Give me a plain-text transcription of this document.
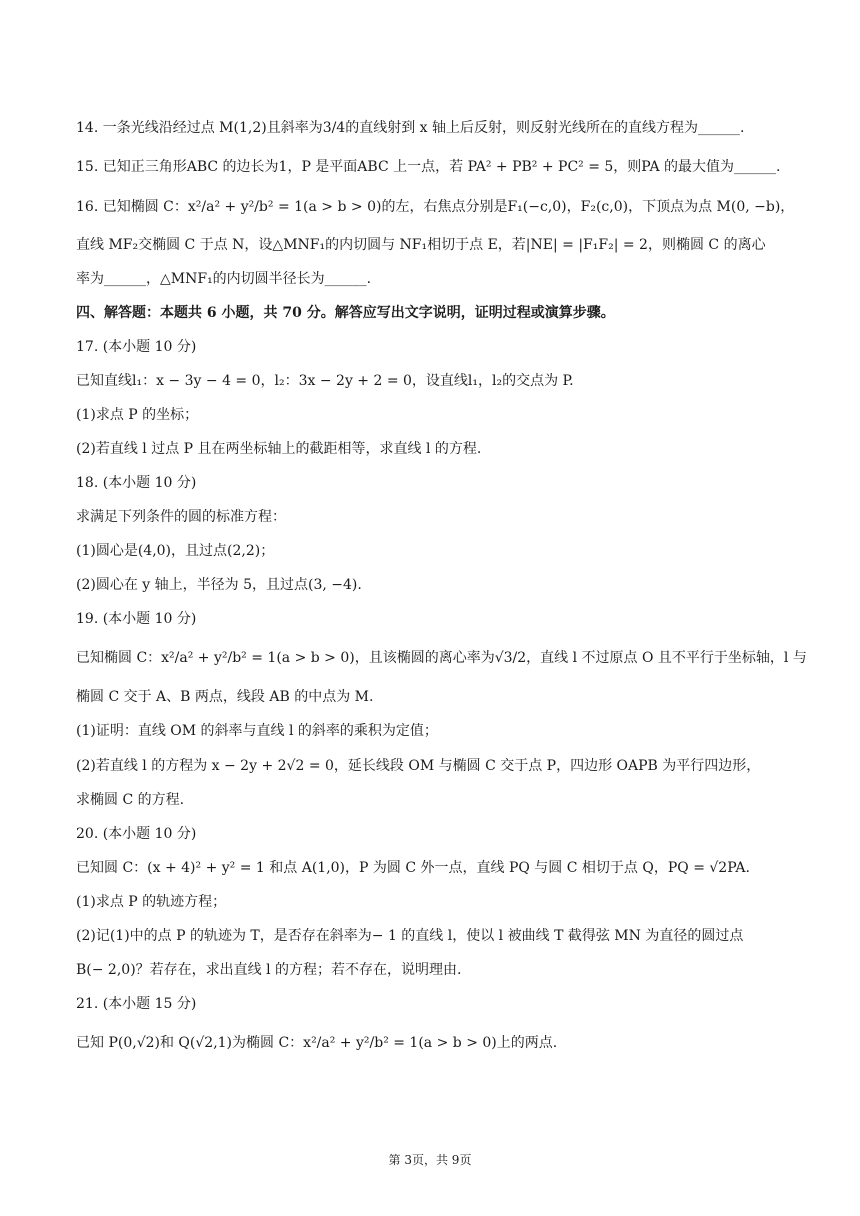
14. 一条光线沿经过点 M(1,2)且斜率为3/4的直线射到 x 轴上后反射，则反射光线所在的直线方程为______.
15. 已知正三角形ABC 的边长为1，P 是平面ABC 上一点，若 PA² + PB² + PC² = 5，则PA 的最大值为______.
16. 已知椭圆 C：x²/a² + y²/b² = 1(a > b > 0)的左，右焦点分别是F₁(−c,0)，F₂(c,0)，下顶点为点 M(0, −b)，
直线 MF₂交椭圆 C 于点 N，设△MNF₁的内切圆与 NF₁相切于点 E，若|NE| = |F₁F₂| = 2，则椭圆 C 的离心
率为______，△MNF₁的内切圆半径长为______.
四、解答题：本题共 6 小题，共 70 分。解答应写出文字说明，证明过程或演算步骤。
17. (本小题 10 分)
已知直线l₁：x − 3y − 4 = 0，l₂：3x − 2y + 2 = 0，设直线l₁，l₂的交点为 P.
(1)求点 P 的坐标；
(2)若直线 l 过点 P 且在两坐标轴上的截距相等，求直线 l 的方程.
18. (本小题 10 分)
求满足下列条件的圆的标准方程：
(1)圆心是(4,0)，且过点(2,2)；
(2)圆心在 y 轴上，半径为 5，且过点(3, −4).
19. (本小题 10 分)
已知椭圆 C：x²/a² + y²/b² = 1(a > b > 0)，且该椭圆的离心率为√3/2，直线 l 不过原点 O 且不平行于坐标轴，l 与
椭圆 C 交于 A、B 两点，线段 AB 的中点为 M.
(1)证明：直线 OM 的斜率与直线 l 的斜率的乘积为定值；
(2)若直线 l 的方程为 x − 2y + 2√2 = 0，延长线段 OM 与椭圆 C 交于点 P，四边形 OAPB 为平行四边形，
求椭圆 C 的方程.
20. (本小题 10 分)
已知圆 C：(x + 4)² + y² = 1 和点 A(1,0)，P 为圆 C 外一点，直线 PQ 与圆 C 相切于点 Q，PQ = √2PA.
(1)求点 P 的轨迹方程；
(2)记(1)中的点 P 的轨迹为 T，是否存在斜率为− 1 的直线 l，使以 l 被曲线 T 截得弦 MN 为直径的圆过点
B(− 2,0)？若存在，求出直线 l 的方程；若不存在，说明理由.
21. (本小题 15 分)
已知 P(0,√2)和 Q(√2,1)为椭圆 C：x²/a² + y²/b² = 1(a > b > 0)上的两点.
第 3页，共 9页
